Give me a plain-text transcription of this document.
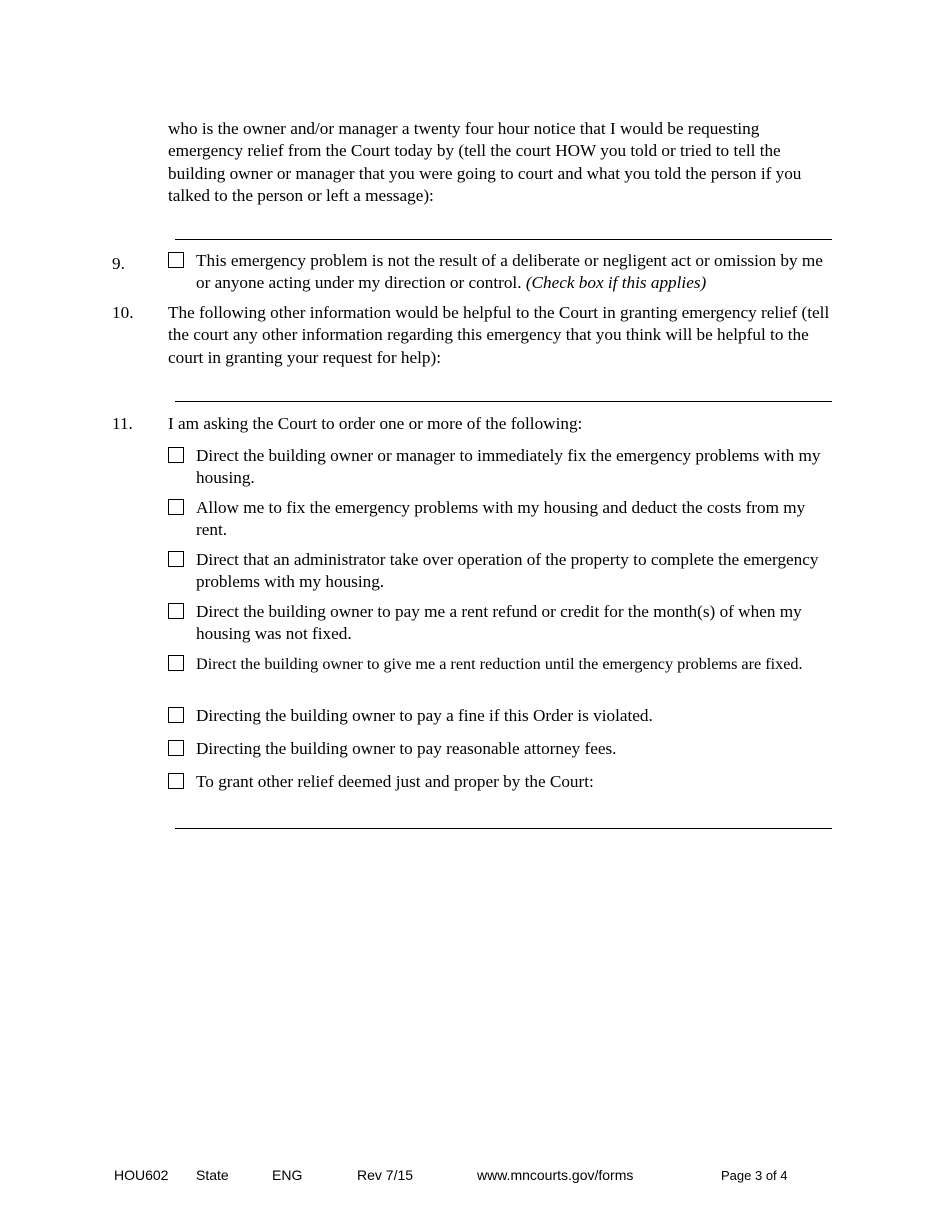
who is the owner and/or manager a twenty four hour notice that I would be requesting emergency relief from the Court today by (tell the court HOW you told or tried to tell the building owner or manager that you were going to court and what you told the person if you talked to the person or left a message):
9.	This emergency problem is not the result of a deliberate or negligent act or omission by me or anyone acting under my direction or control. (Check box if this applies)
10. The following other information would be helpful to the Court in granting emergency relief (tell the court any other information regarding this emergency that you think will be helpful to the court in granting your request for help):
11. I am asking the Court to order one or more of the following:
Direct the building owner or manager to immediately fix the emergency problems with my housing.
Allow me to fix the emergency problems with my housing and deduct the costs from my rent.
Direct that an administrator take over operation of the property to complete the emergency problems with my housing.
Direct the building owner to pay me a rent refund or credit for the month(s) of when my housing was not fixed.
Direct the building owner to give me a rent reduction until the emergency problems are fixed.
Directing the building owner to pay a fine if this Order is violated.
Directing the building owner to pay reasonable attorney fees.
To grant other relief deemed just and proper by the Court:
HOU602 State	ENG	Rev 7/15	www.mncourts.gov/forms	Page 3 of 4
